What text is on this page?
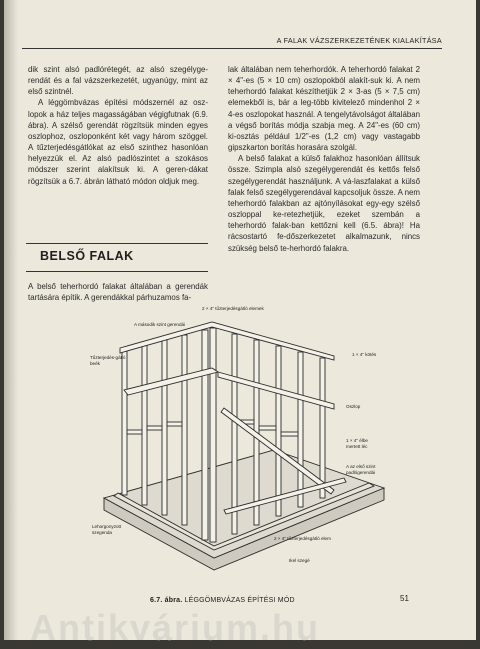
A FALAK VÁZSZERKEZETÉNEK KIALAKÍTÁSA

dik szint alsó padlórétegét, az alsó szegélyge-rendát és a fal vázszerkezetét, ugyanúgy, mint az első szintnél.

A léggömbvázas építési módszernél az osz-lopok a ház teljes magasságában végigfutnak (6.9. ábra). A szélső gerendát rögzítsük minden egyes oszlophoz, oszloponként két vagy három szöggel. A tűzterjedésgátlókat az első szinthez hasonlóan helyezzük el. Az alsó padlószintet a szokásos módszer szerint alakítsuk ki. A geren-dákat rögzítsük a 6.7. ábrán látható módon oldjuk meg.

BELSŐ FALAK
A belső teherhordó falakat általában a gerendák tartására építik. A gerendákkal párhuzamos fa-

lak általában nem teherhordók. A teherhordó falakat 2 × 4"-es (5 × 10 cm) oszlopokból alakít-suk ki. A nem teherhordó falakat készíthetjük 2 × 3-as (5 × 7,5 cm) elemekből is, bár a leg-több kivitelező mindenhol 2 × 4-es oszlopokat használ. A tengelytávolságot általában a végső borítás módja szabja meg. A 24"-es (60 cm) ki-osztás például 1/2"-es (1,2 cm) vagy vastagabb gipszkarton borítás horasára szolgál.

A belső falakat a külső falakhoz hasonlóan állítsuk össze. Szimpla alsó szegélygerendát és kettős felső szegélygerendát használjunk. A vá-laszfalakat a külső falak felső szegélygerendával kapcsoljuk össze. A nem teherhordó falakban az ajtónyílásokat egy-egy szélső oszloppal ke-retezhetjük, ezeket szembán a teherhordó falak-ban kettőzni kell (6.5. ábra)! Ha rácsostartó fe-dőszerkezetet alkalmazunk, nincs szükség belső te-herhordó falakra.

2 × 4" tűzterjedésgátló elemek
A második szint gerendái
Tűzterjedés-gátló beék
1 × 4" kötés
Oszlop
1 × 4" élbe mertett léc
A az első szint padlógerendái
Lehorgonyzott szegenda
2 × 4" tűzterjedésgátló elem
Ikel szegé
6.7. ábra. LÉGGÖMBVÁZAS ÉPÍTÉSI MÓD	51
Antikvárium.hu
